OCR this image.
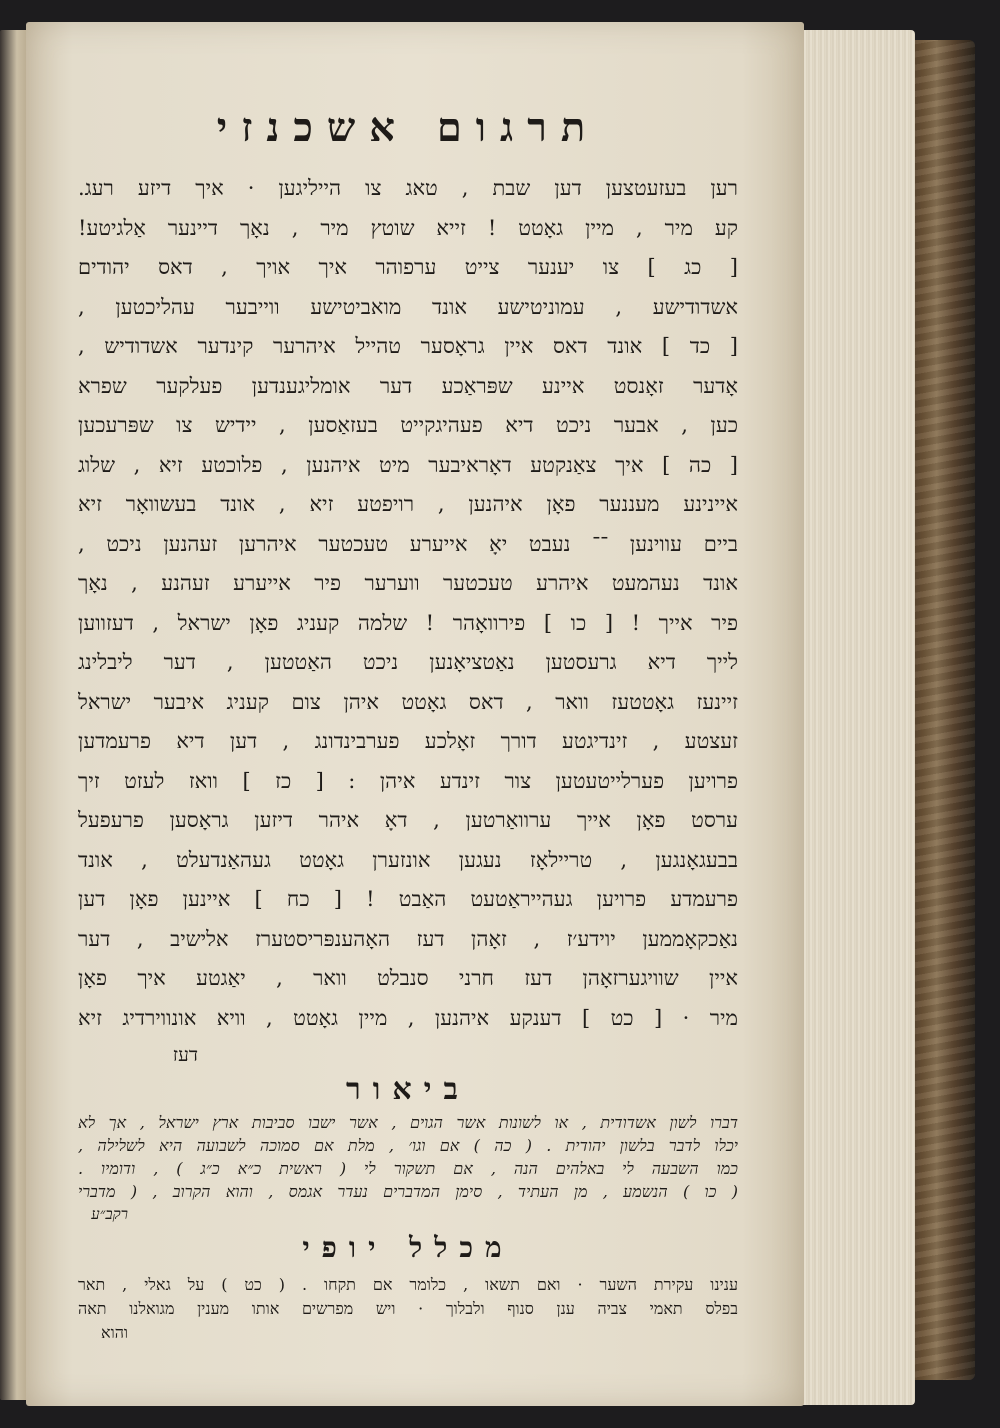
תרגום אשכנזי
רען בעזעטצען דען שבת , טאג צו הייליגען · איך דיזע רעג.
קע מיר , מיין גאָטט ! זייא שוטץ מיר , נאָך דיינער אַלגיטע!
[ כג ] צו יענער צייט ערפוהר איך אויך , דאס יהודים
אשדודישע , עמוניטישע אונד מואביטישע ווייבער עהליכטען ,
[ כד ] אונד דאס איין גראָסער טהייל איהרער קינדער אשדודיש ,
אָדער זאָנסט איינע שפּראַכע דער אומליגענדען פעלקער שפרא
כען , אבער ניכט דיא פעהיגקייט בעזאַסען , יידיש צו שפּרעכען
[ כה ] איך צאַנקטע דאָראיבער מיט איהנען , פלוכטע זיא , שלוג
איינינע מעננער פאָן איהנען , רויפטע זיא , אונד בעשוואָר זיא
ביים עווינען ־־ נעבט יאָ אייערע טעכטער איהרען זעהנען ניכט ,
אונד נעהמעט איהרע טעכטער ווערער פיר אייערע זעהנע , נאָך
פיר אייך ! [ כו ] פירוואָהר ! שלמה קעניג פאָן ישראל , דעזווען
לייך דיא גרעסטען נאַטציאָנען ניכט האַטטען , דער ליבלינג
זיינעז גאָטטעז וואר , דאס גאָטט איהן צום קעניג איבער ישראל
זעצטע , זינדיגטע דורך זאָלכע פערבינדונג , דען דיא פרעמדען
פרויען פערלייטעטען צור זינדע איהן : [ כז ] וואז לעזט זיך
ערסט פאָן אייך ערוואַרטען , דאָ איהר דיזען גראָסען פרעפעל
בבעגאָנגען , טריילאָז נעגען אונזערן גאָטט געהאַנדעלט , אונד
פרעמדע פרויען געהייראַטעט האַבט ! [ כח ] איינען פאָן דען
נאַכקאָממען יוידע׳ז , זאָהן דעז האָהענפּריסטערז אלישיב , דער
איין שוויגערזאָהן דעז חרני סנבלט וואר , יאַגטע איך פאָן
מיר · [ כט ] דענקע איהנען , מיין גאָטט , וויא אונווירדיג זיא
דעז
ביאור
דברו לשון אשדודית , או לשונות אשר הגוים , אשר ישבו סביבות ארץ ישראל , אך לא
יכלו לדבר בלשון יהודית . ( כה ) אם וגו׳ , מלת אם סמוכה לשבועה היא לשלילה ,
כמו השבעה לי באלהים הנה , אם תשקור לי ( ראשית כ״א כ״ג ) , ודומיו .
( כו ) הנשמע , מן העתיד , סימן המדברים נעדר אגמס , והוא הקרוב , ( מדברי
רקב״ע
מכלל יופי
ענינו עקירת השער · ואם תשאו , כלומר אם תקחו . ( כט ) על גאלי , תאר
בפלס תאמי צביה ענן סנוף ולבלוך · ויש מפרשים אותו מענין מגואלנו תאה
והוא
